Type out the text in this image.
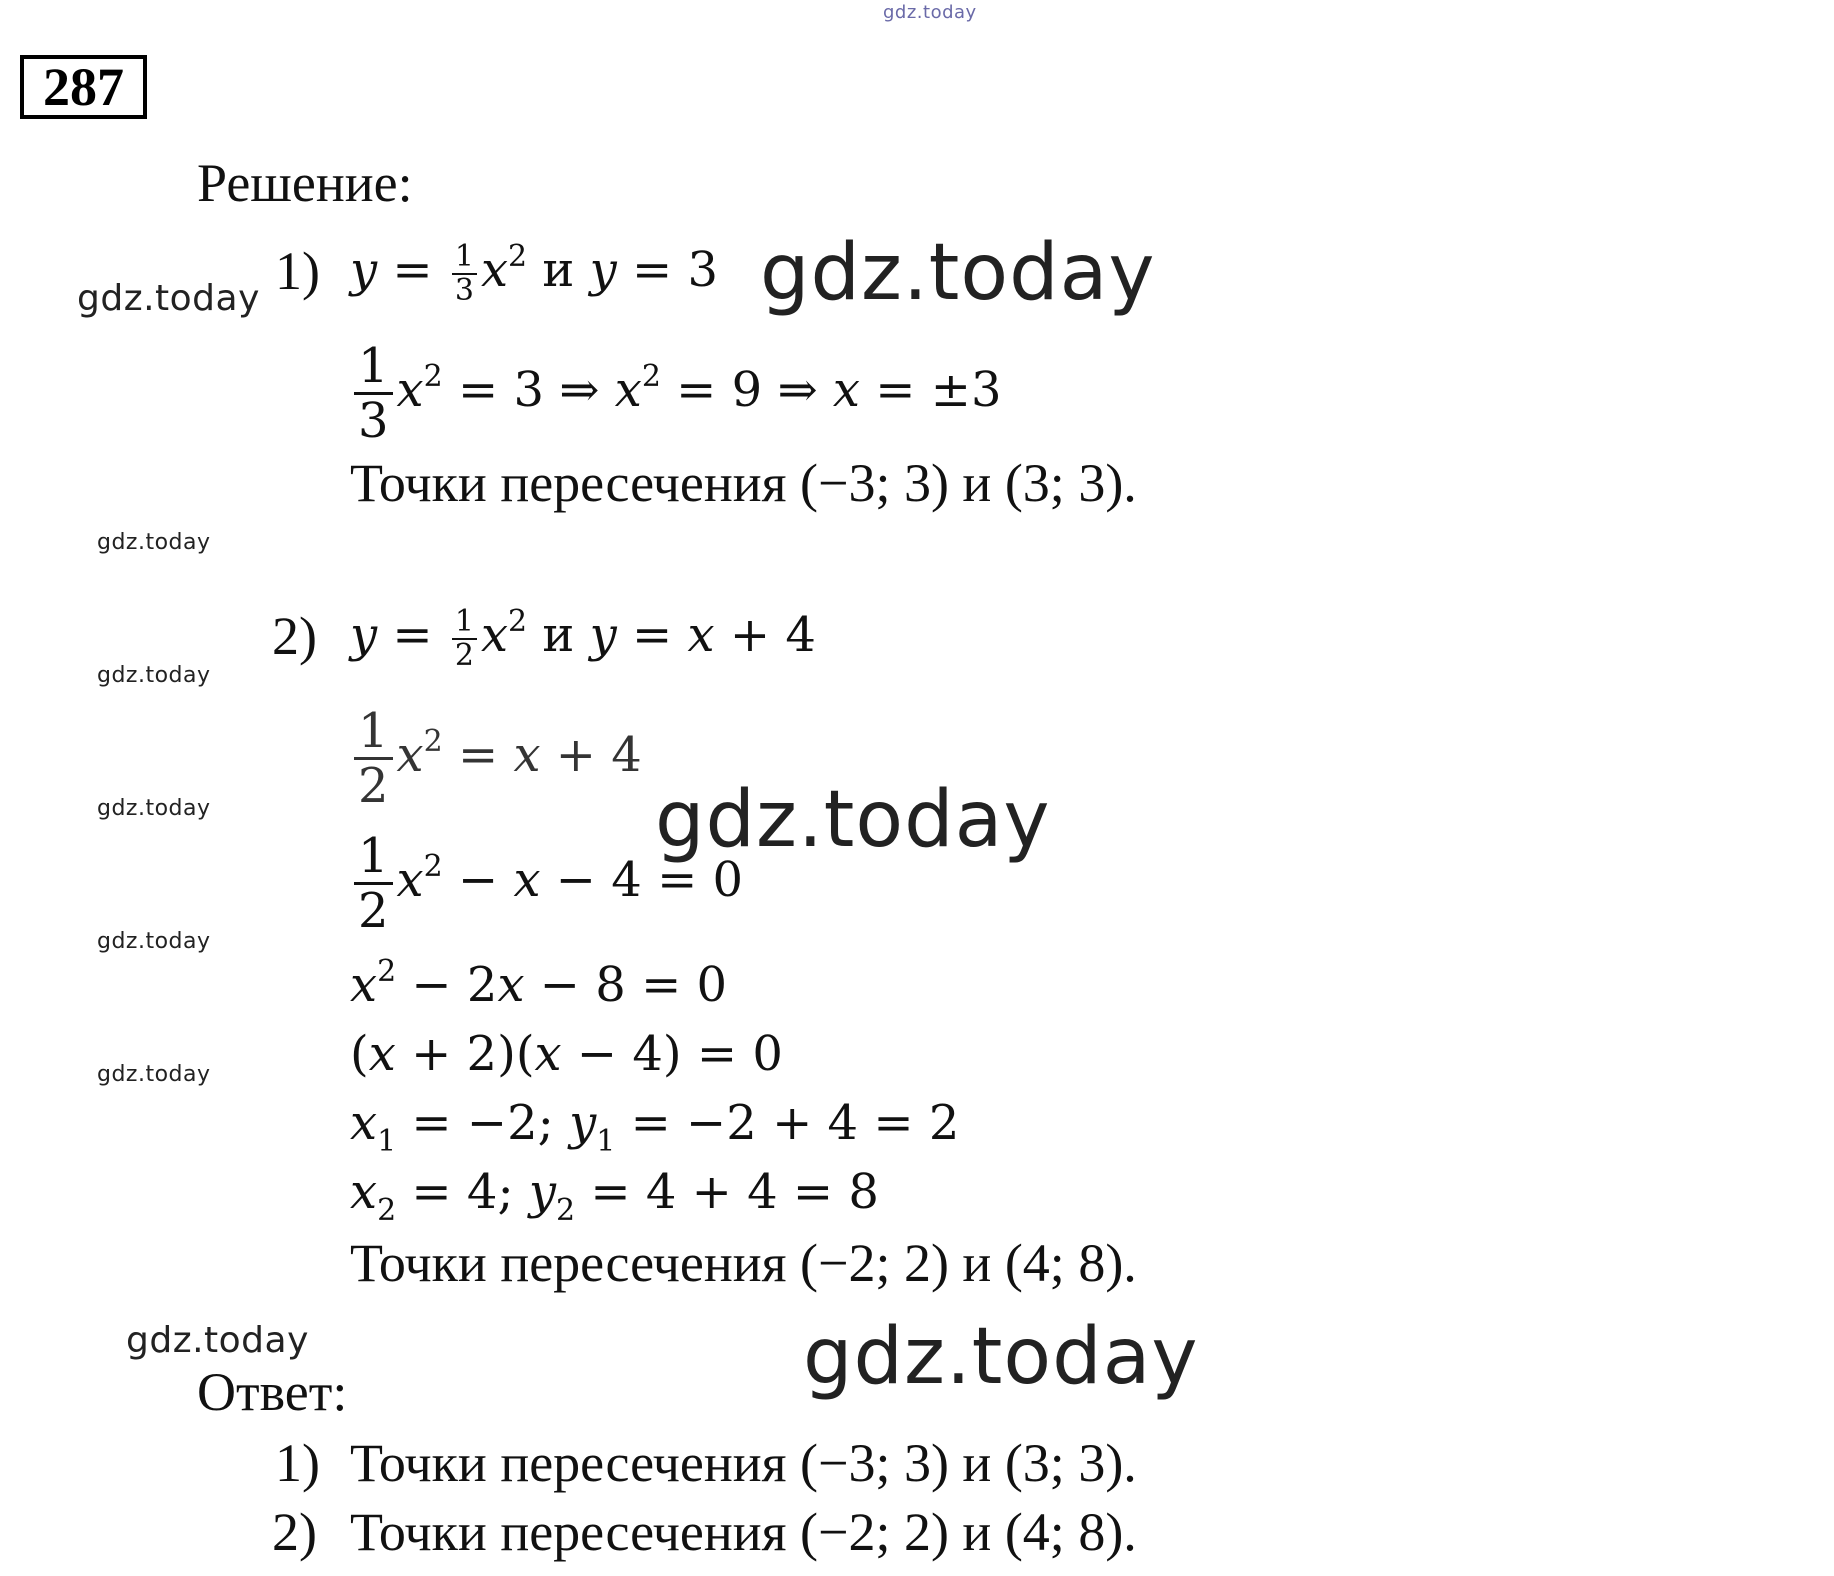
gdz.today
287
Решение:
gdz.today
gdz.today
gdz.today
gdz.today
gdz.today
gdz.today
gdz.today
gdz.today
gdz.today
gdz.today
1) $y = \frac{1}{3} x^2$ и y = 3
$\frac{1}{3} x^2 = 3$ ⇒ $x^2 = 9$ ⇒ x = ±3
Точки пересечения (−3; 3) и (3; 3).
2) $y = \frac{1}{2} x^2$ и y = x + 4
$\frac{1}{2} x^2 = x + 4$
$\frac{1}{2} x^2 - x - 4 = 0$
$x^2 - 2x - 8 = 0$
(x + 2)(x − 4) = 0
$x_1 = -2$; $y_1 = -2 + 4 = 2$
$x_2 = 4$; $y_2 = 4 + 4 = 8$
Точки пересечения (−2; 2) и (4; 8).
Ответ:
1) Точки пересечения (−3; 3) и (3; 3).
2) Точки пересечения (−2; 2) и (4; 8).
